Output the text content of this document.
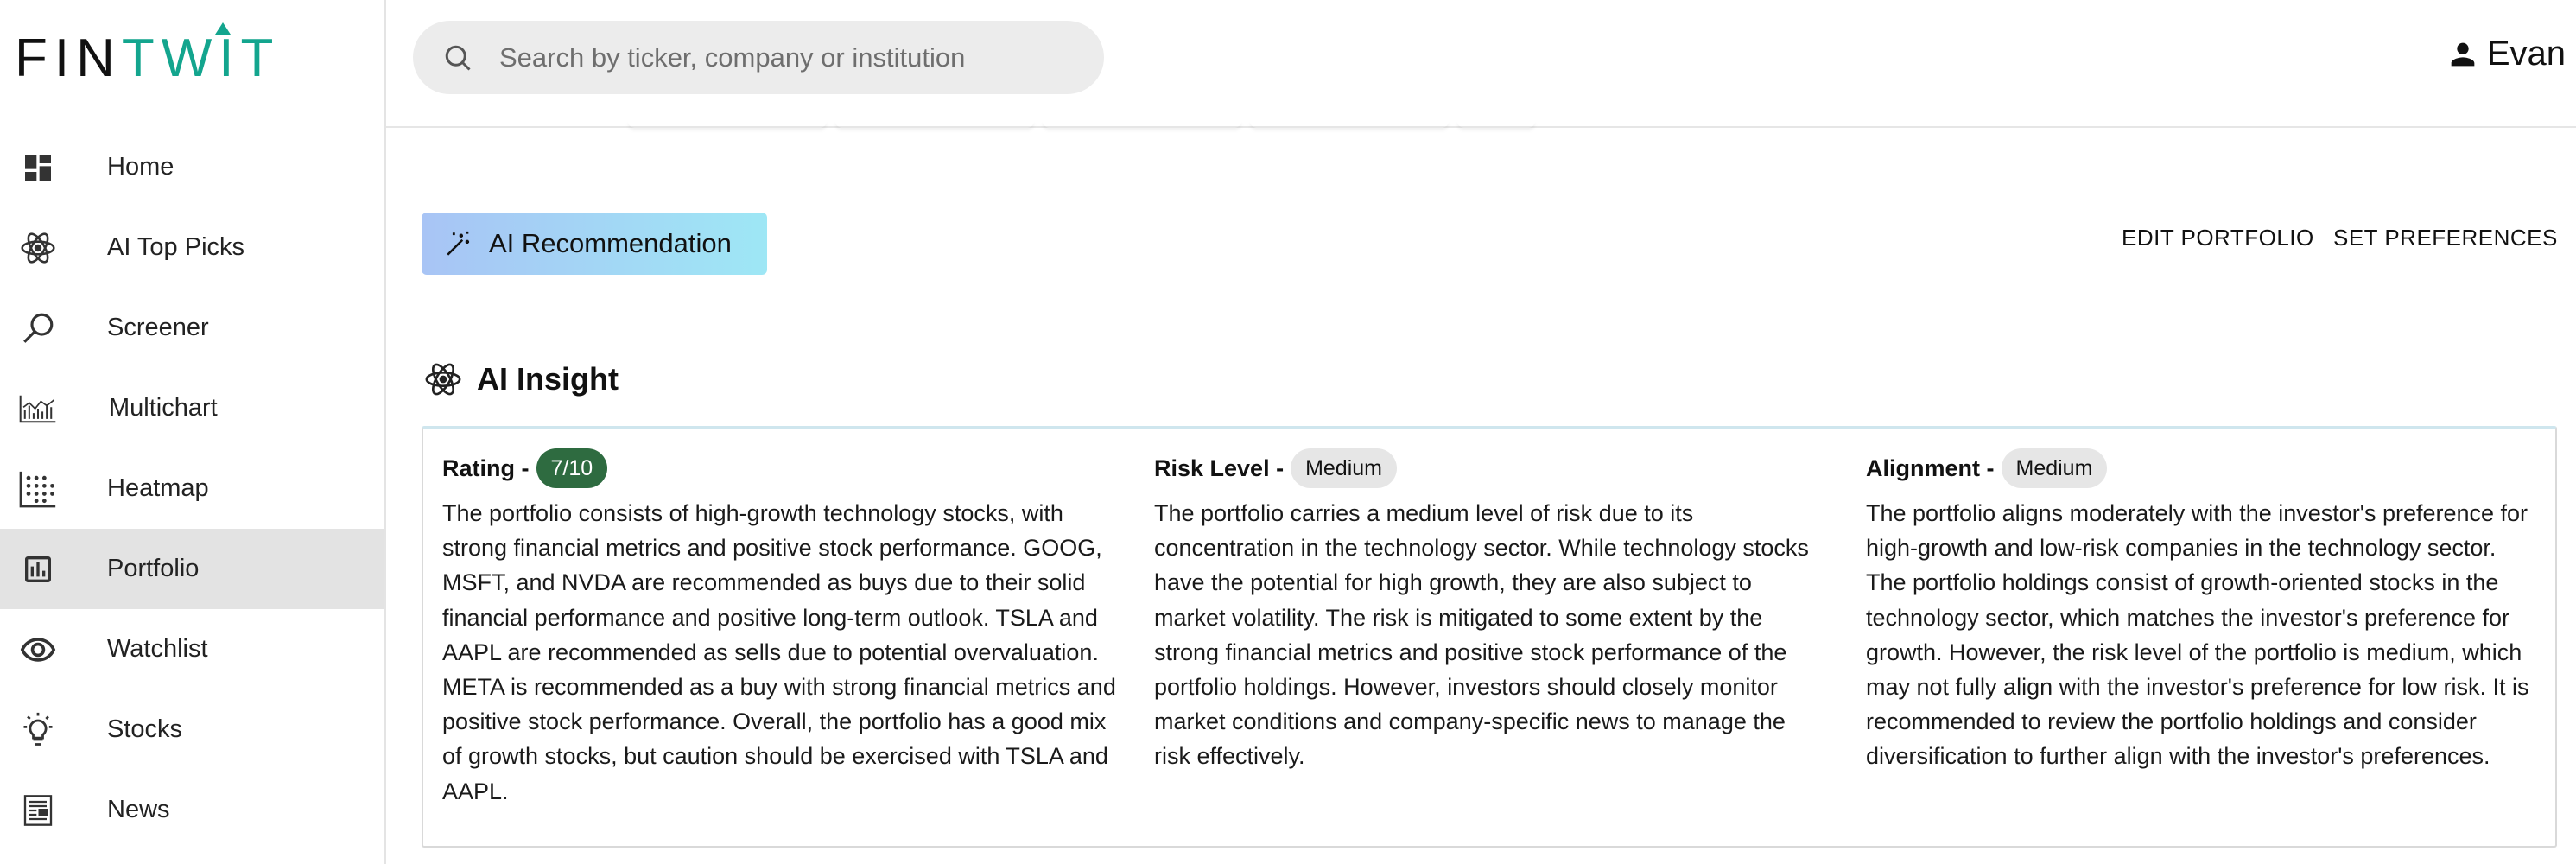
FIN TWIT
Home
AI Top Picks
Screener
Multichart
Heatmap
Portfolio
Watchlist
Stocks
News
Search by ticker, company or institution
Evan
AI Recommendation	EDIT PORTFOLIO SET PREFERENCES
AI Insight
Rating -	7/10

The portfolio consists of high-growth technology stocks, with strong financial metrics and positive stock performance. GOOG, MSFT, and NVDA are recommended as buys due to their solid financial performance and positive long-term outlook. TSLA and AAPL are recommended as sells due to potential overvaluation. META is recommended as a buy with strong financial metrics and positive stock performance. Overall, the portfolio has a good mix of growth stocks, but caution should be exercised with TSLA and AAPL.

Risk Level -	Medium

The portfolio carries a medium level of risk due to its concentration in the technology sector. While technology stocks have the potential for high growth, they are also subject to market volatility. The risk is mitigated to some extent by the strong financial metrics and positive stock performance of the portfolio holdings. However, investors should closely monitor market conditions and company-specific news to manage the risk effectively.

Alignment -	Medium

The portfolio aligns moderately with the investor's preference for high-growth and low-risk companies in the technology sector. The portfolio holdings consist of growth-oriented stocks in the technology sector, which matches the investor's preference for growth. However, the risk level of the portfolio is medium, which may not fully align with the investor's preference for low risk. It is recommended to review the portfolio holdings and consider diversification to further align with the investor's preferences.
